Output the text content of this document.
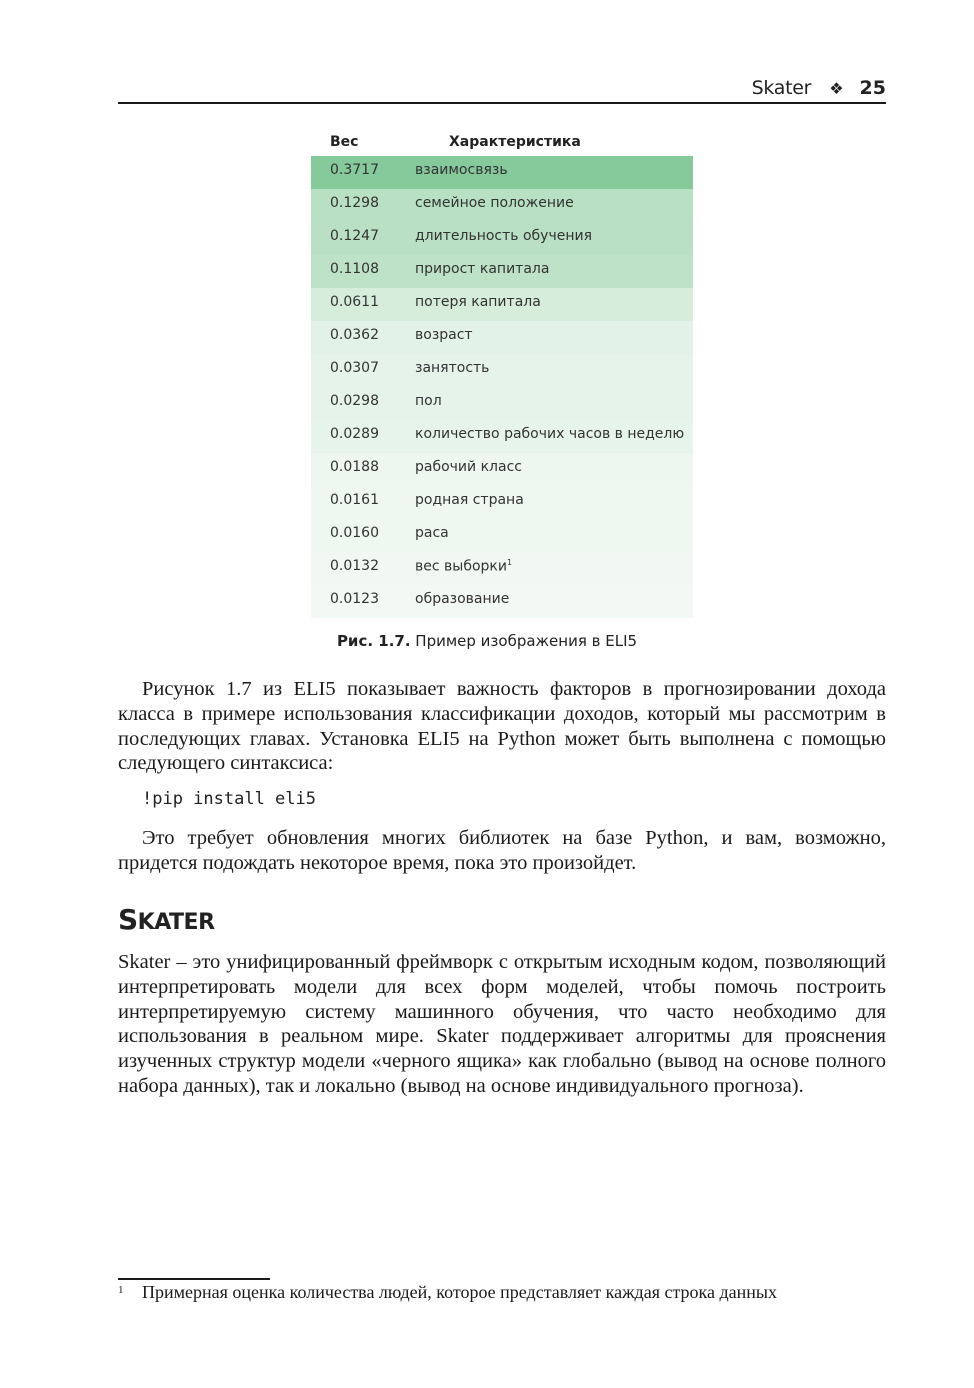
Skater ❖ 25
Вес	Характеристика
0.3717	взаимосвязь
0.1298	семейное положение
0.1247	длительность обучения
0.1108	прирост капитала
0.0611	потеря капитала
0.0362	возраст
0.0307	занятость
0.0298	пол
0.0289	количество рабочих часов в неделю
0.0188	рабочий класс
0.0161	родная страна
0.0160	раса
0.0132	вес выборки$^1$
0.0123	образование
Рис. 1.7. Пример изображения в ELI5
Рисунок 1.7 из ELI5 показывает важность факторов в прогнозировании дохода класса в примере использования классификации доходов, который мы рассмотрим в последующих главах. Установка ELI5 на Python может быть выполнена с помощью следующего синтаксиса:
!pip install eli5
Это требует обновления многих библиотек на базе Python, и вам, возможно, придется подождать некоторое время, пока это произойдет.
SKATER
Skater – это унифицированный фреймворк с открытым исходным кодом, позволяющий интерпретировать модели для всех форм моделей, чтобы помочь построить интерпретируемую систему машинного обучения, что часто необходимо для использования в реальном мире. Skater поддерживает алгоритмы для прояснения изученных структур модели «черного ящика» как глобально (вывод на основе полного набора данных), так и локально (вывод на основе индивидуального прогноза).
1 Примерная оценка количества людей, которое представляет каждая строка данных
